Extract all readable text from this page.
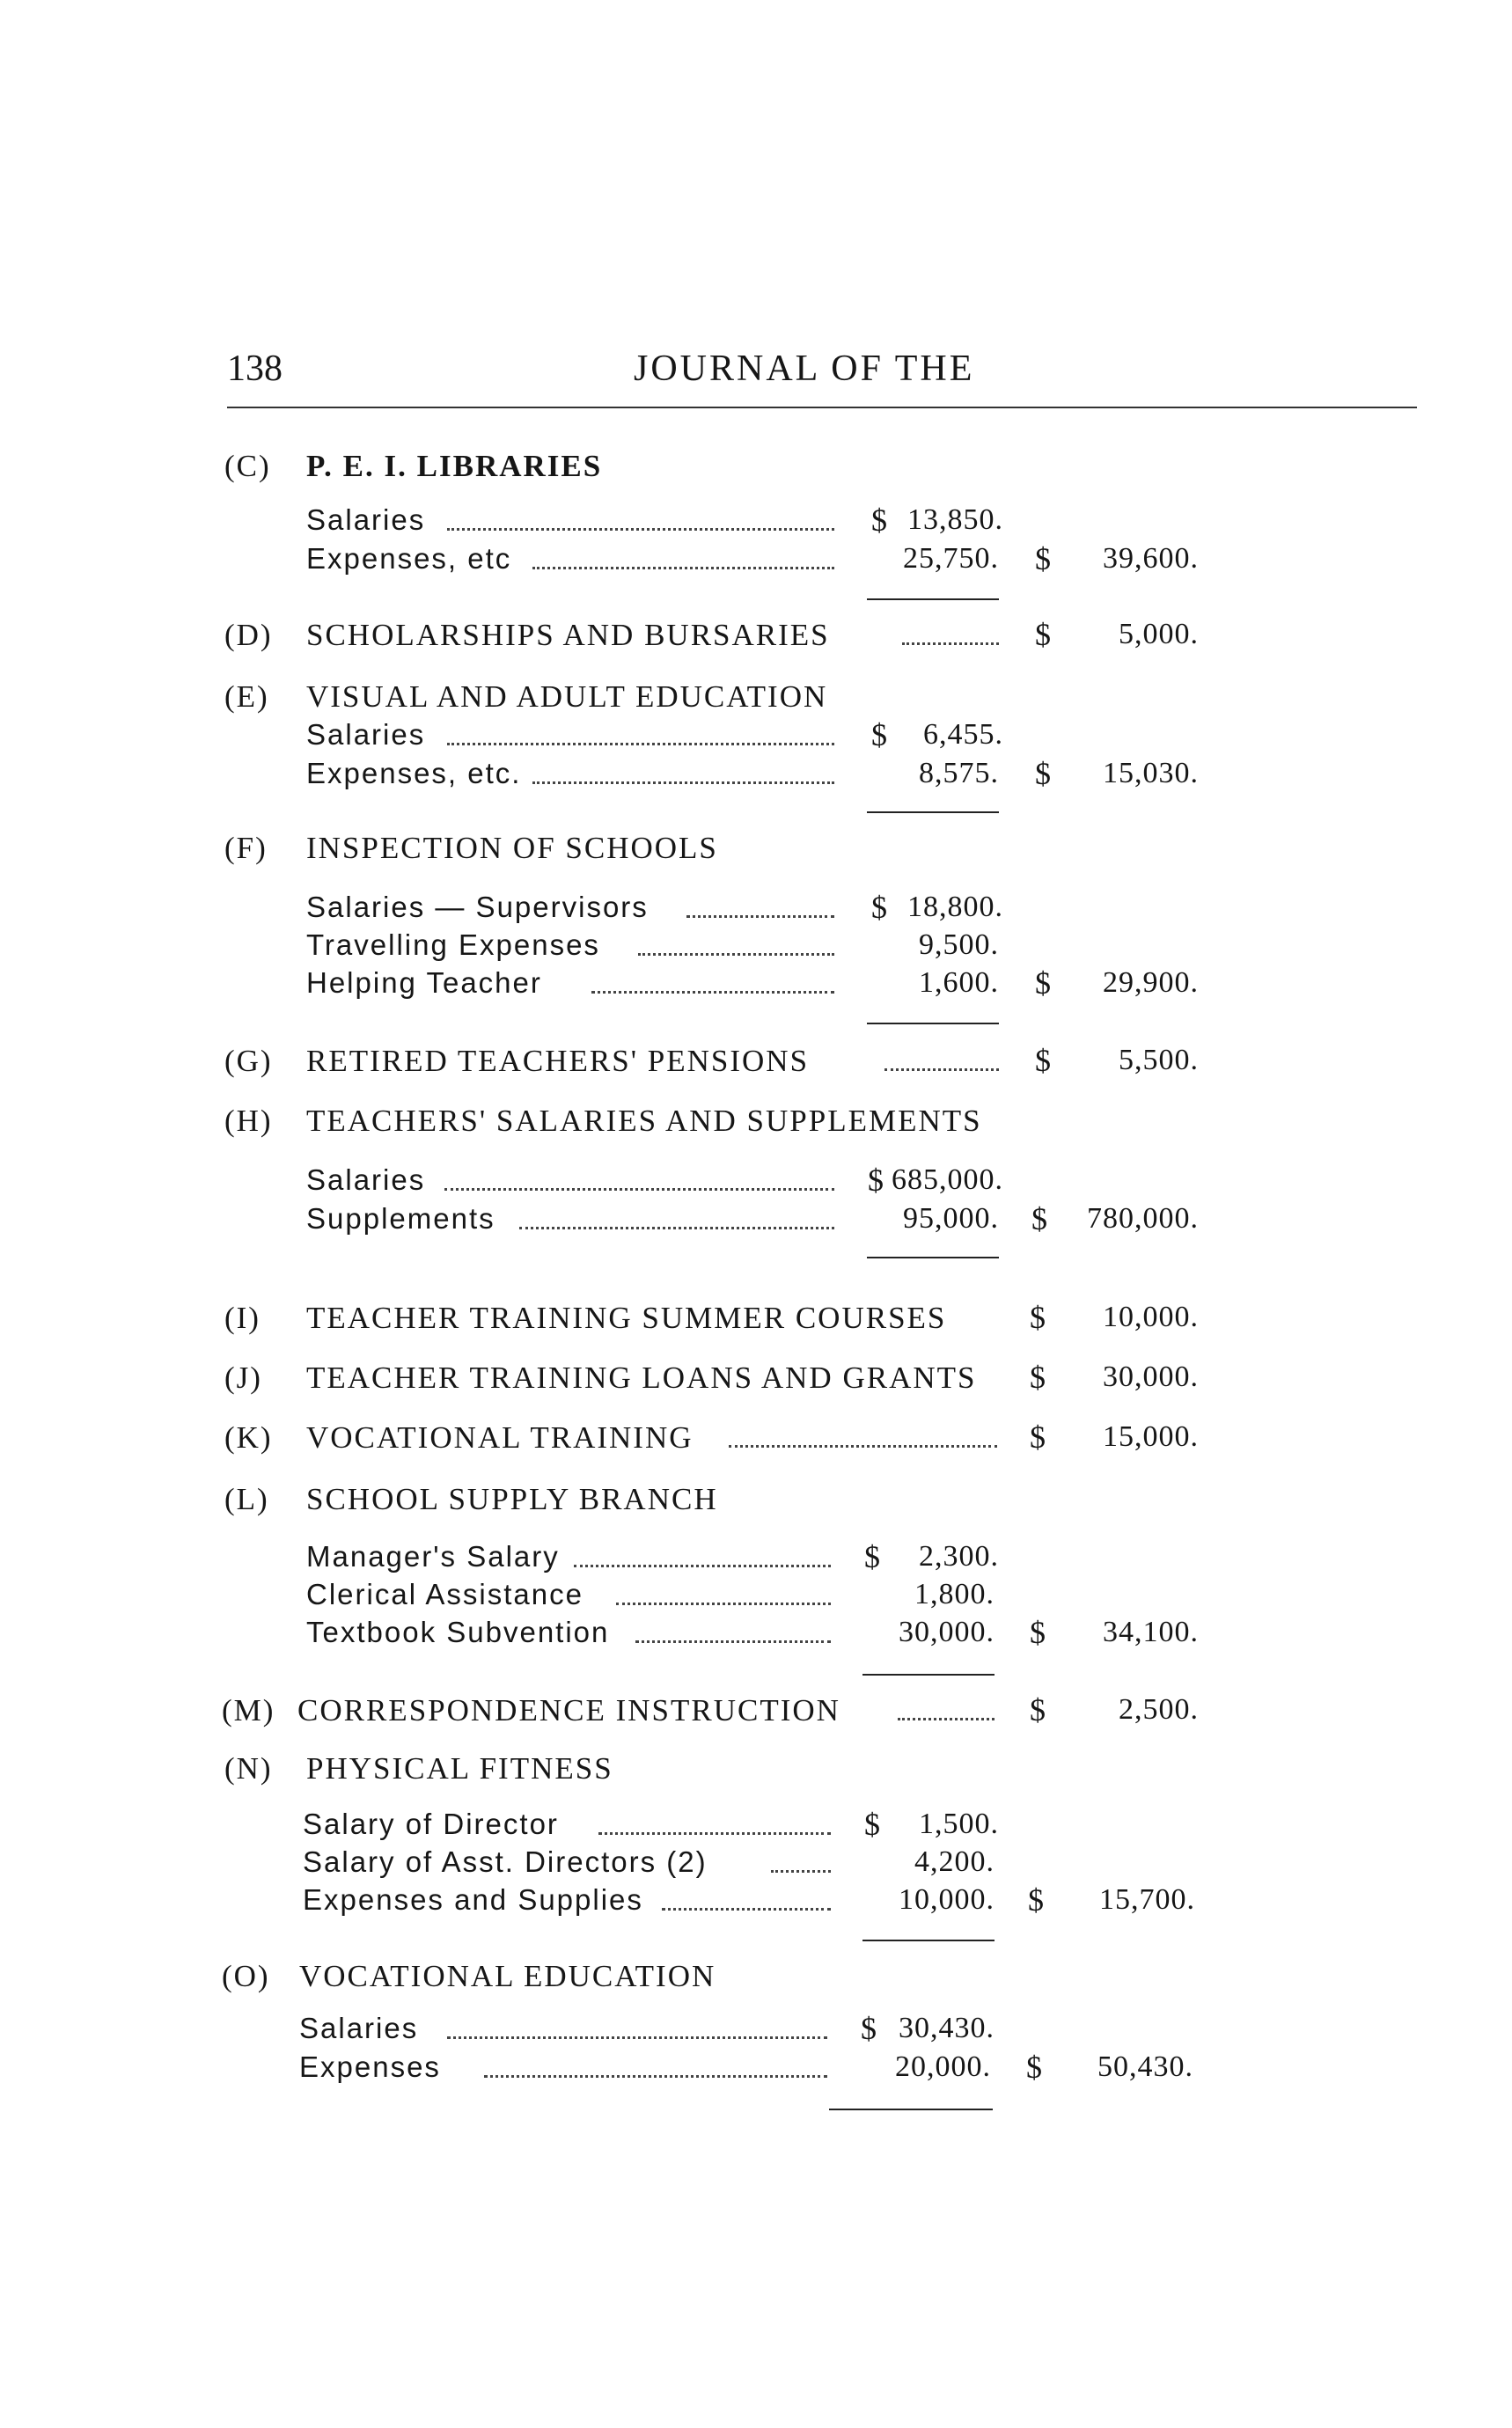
138	JOURNAL OF THE
(C) P. E. I. LIBRARIES
Salaries	$ 13,850.
Expenses, etc	25,750. $	39,600.
(D) SCHOLARSHIPS AND BURSARIES	$	5,000.
(E) VISUAL AND ADULT EDUCATION
Salaries	$	6,455.
Expenses, etc.	8,575. $	15,030.
(F) INSPECTION OF SCHOOLS
Salaries — Supervisors	$ 18,800.
Travelling Expenses	9,500.
Helping Teacher	1,600. $	29,900.
(G) RETIRED TEACHERS' PENSIONS	$	5,500.
(H) TEACHERS' SALARIES AND SUPPLEMENTS
Salaries	$ 685,000.
Supplements	95,000. $	780,000.
(I) TEACHER TRAINING SUMMER COURSES	$	10,000.
(J) TEACHER TRAINING LOANS AND GRANTS $	30,000.
(K) VOCATIONAL TRAINING	$	15,000.
(L) SCHOOL SUPPLY BRANCH
Manager's Salary	$	2,300.
Clerical Assistance	1,800.
Textbook Subvention	30,000. $	34,100.
(M) CORRESPONDENCE INSTRUCTION	$	2,500.
(N) PHYSICAL FITNESS
Salary of Director	$	1,500.
Salary of Asst. Directors (2)	4,200.
Expenses and Supplies	10,000. $	15,700.
(O) VOCATIONAL EDUCATION
Salaries	$ 30,430.
Expenses	20,000. $	50,430.
